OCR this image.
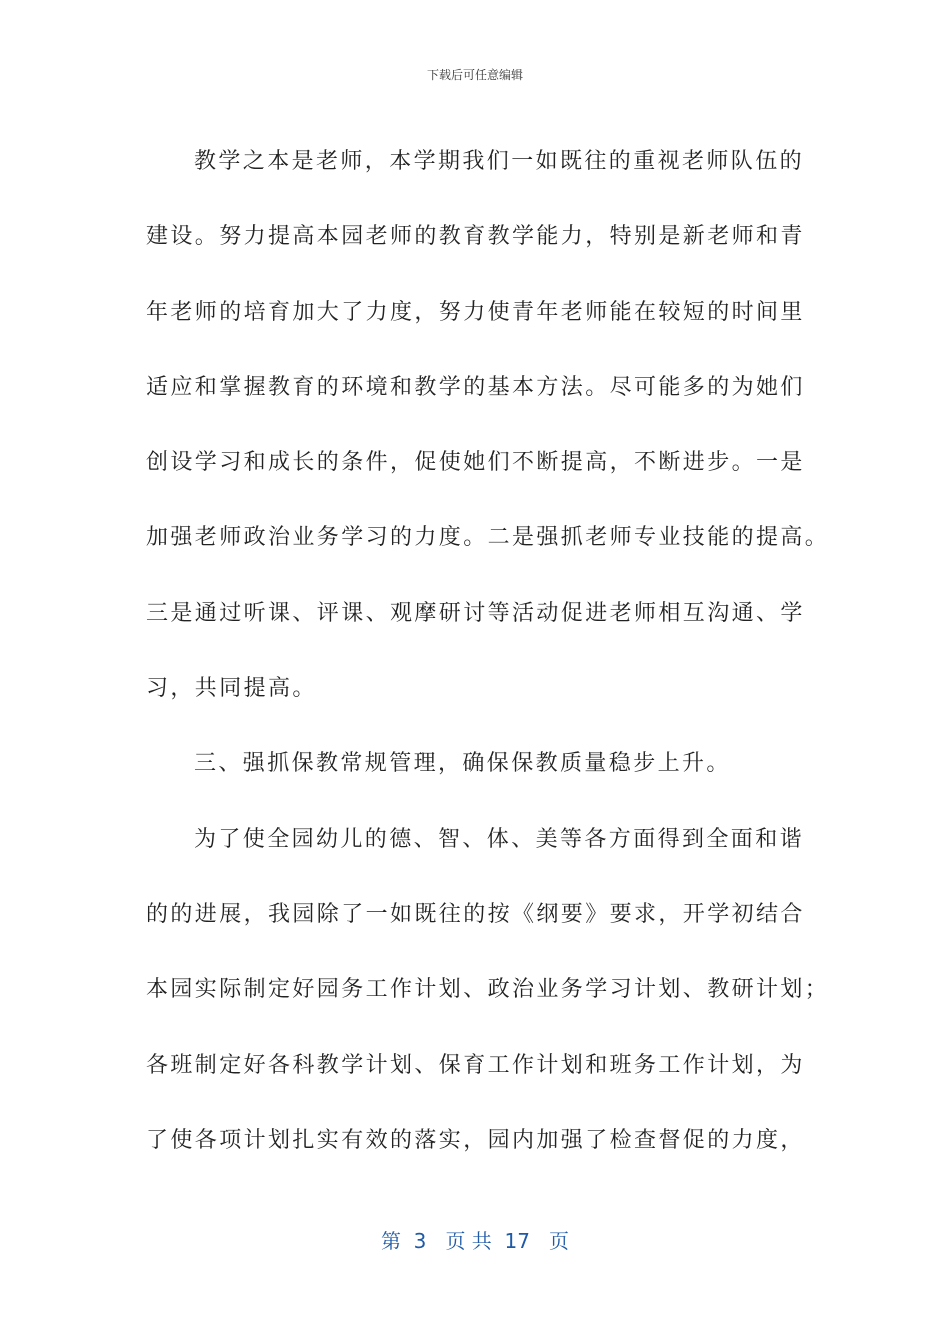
下载后可任意编辑

教学之本是老师，本学期我们一如既往的重视老师队伍的

建设。努力提高本园老师的教育教学能力，特别是新老师和青

年老师的培育加大了力度，努力使青年老师能在较短的时间里

适应和掌握教育的环境和教学的基本方法。尽可能多的为她们

创设学习和成长的条件，促使她们不断提高，不断进步。一是

加强老师政治业务学习的力度。二是强抓老师专业技能的提高。

三是通过听课、评课、观摩研讨等活动促进老师相互沟通、学

习，共同提高。

三、强抓保教常规管理，确保保教质量稳步上升。

为了使全园幼儿的德、智、体、美等各方面得到全面和谐

的的进展，我园除了一如既往的按《纲要》要求，开学初结合

本园实际制定好园务工作计划、政治业务学习计划、教研计划；

各班制定好各科教学计划、保育工作计划和班务工作计划，为

了使各项计划扎实有效的落实，园内加强了检查督促的力度，

第  3   页 共  17   页
